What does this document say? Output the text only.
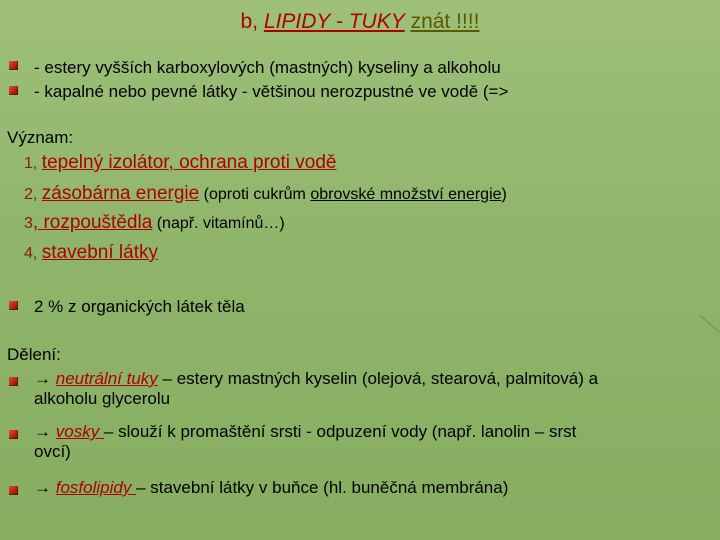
b, LIPIDY - TUKY znát !!!!
- estery vyšších karboxylových (mastných) kyseliny a alkoholu
- kapalné nebo pevné látky - většinou nerozpustné ve vodě (=>
Význam:
1, tepelný izolátor, ochrana proti vodě
2, zásobárna energie (oproti cukrům obrovské množství energie)
3, rozpouštědla (např. vitamínů…)
4, stavební látky
2 % z organických látek těla
Dělení:
→ neutrální tuky – estery mastných kyselin (olejová, stearová, palmitová) a
alkoholu glycerolu
→ vosky – slouží k promaštění srsti - odpuzení vody (např. lanolin – srst
ovcí)
→ fosfolipidy – stavební látky v buňce (hl. buněčná membrána)
